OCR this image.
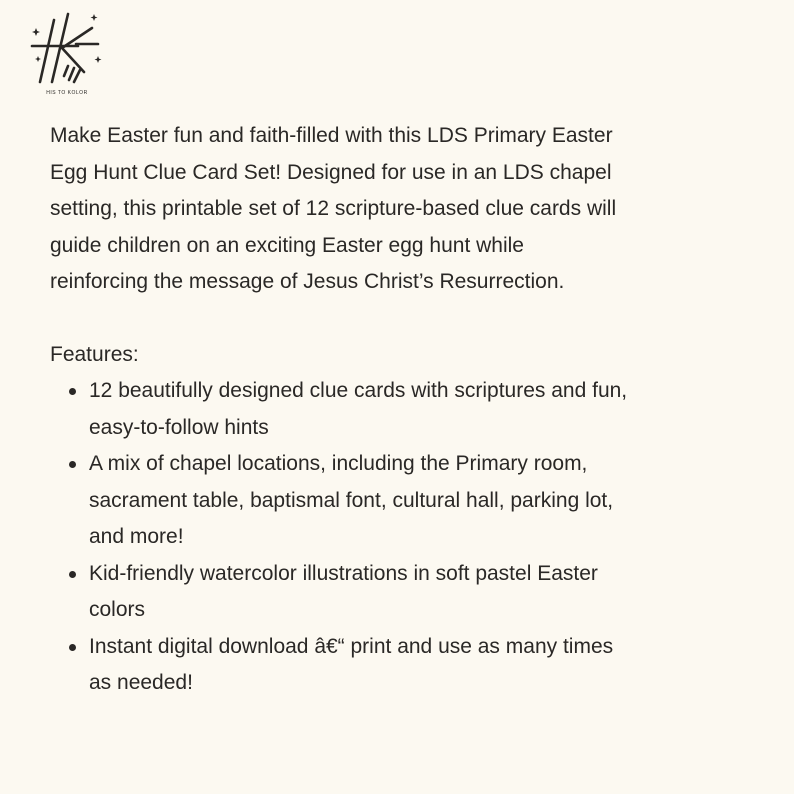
HIS TO KOLOR

Make Easter fun and faith-filled with this LDS Primary Easter
Egg Hunt Clue Card Set! Designed for use in an LDS chapel
setting, this printable set of 12 scripture-based clue cards will
guide children on an exciting Easter egg hunt while
reinforcing the message of Jesus Christ’s Resurrection.

Features:

12 beautifully designed clue cards with scriptures and fun,
easy-to-follow hints
A mix of chapel locations, including the Primary room,
sacrament table, baptismal font, cultural hall, parking lot,
and more!
Kid-friendly watercolor illustrations in soft pastel Easter
colors
Instant digital download â€“ print and use as many times
as needed!
